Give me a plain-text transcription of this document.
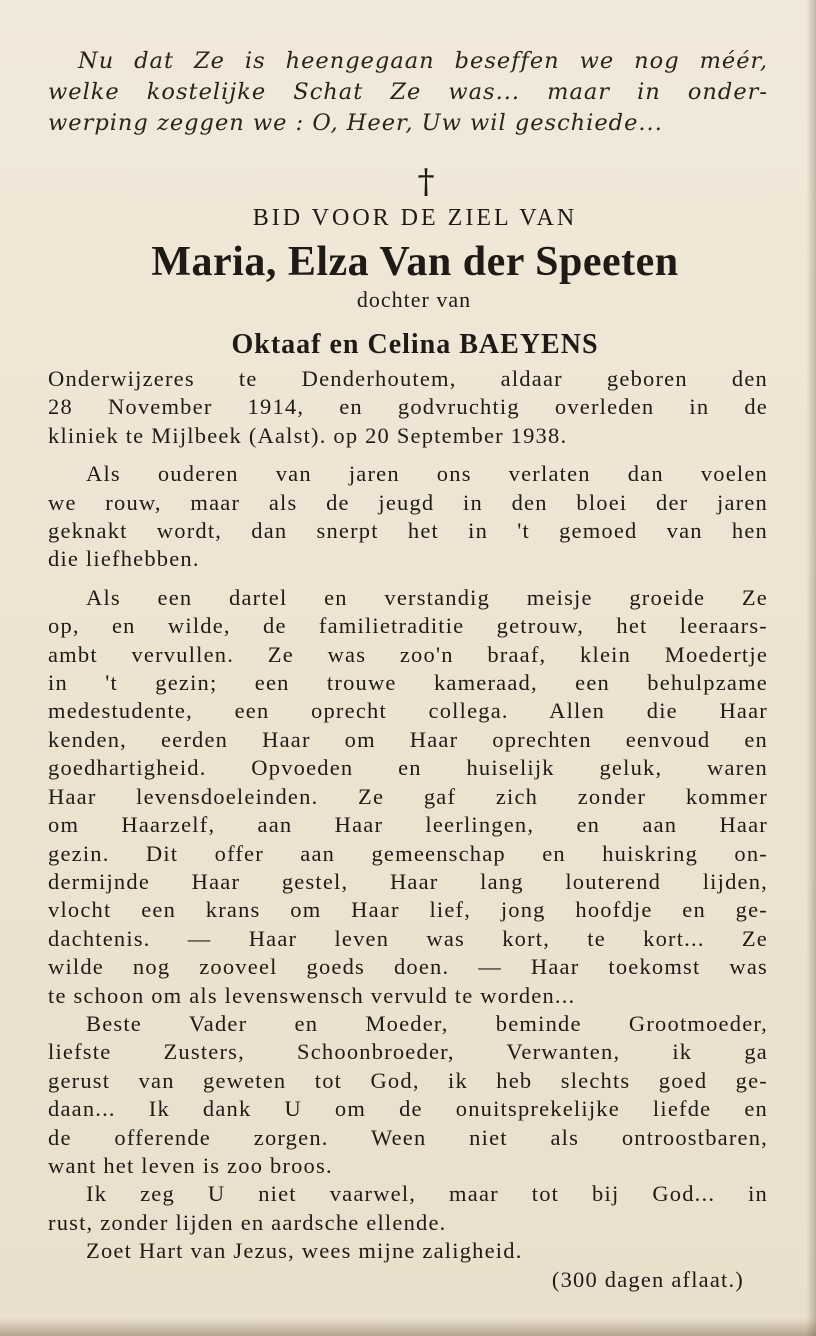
Nu dat Ze is heengegaan beseffen we nog méér,
welke kostelijke Schat Ze was... maar in onder-
werping zeggen we : O, Heer, Uw wil geschiede...
†
BID VOOR DE ZIEL VAN
Maria, Elza Van der Speeten
dochter van
Oktaaf en Celina BAEYENS
Onderwijzeres te Denderhoutem, aldaar geboren den
28 November 1914, en godvruchtig overleden in de
kliniek te Mijlbeek (Aalst). op 20 September 1938.
Als ouderen van jaren ons verlaten dan voelen
we rouw, maar als de jeugd in den bloei der jaren
geknakt wordt, dan snerpt het in 't gemoed van hen
die liefhebben.
Als een dartel en verstandig meisje groeide Ze
op, en wilde, de familietraditie getrouw, het leeraars-
ambt vervullen. Ze was zoo'n braaf, klein Moedertje
in 't gezin; een trouwe kameraad, een behulpzame
medestudente, een oprecht collega. Allen die Haar
kenden, eerden Haar om Haar oprechten eenvoud en
goedhartigheid. Opvoeden en huiselijk geluk, waren
Haar levensdoeleinden. Ze gaf zich zonder kommer
om Haarzelf, aan Haar leerlingen, en aan Haar
gezin. Dit offer aan gemeenschap en huiskring on-
dermijnde Haar gestel, Haar lang louterend lijden,
vlocht een krans om Haar lief, jong hoofdje en ge-
dachtenis. — Haar leven was kort, te kort... Ze
wilde nog zooveel goeds doen. — Haar toekomst was
te schoon om als levenswensch vervuld te worden...
Beste Vader en Moeder, beminde Grootmoeder,
liefste Zusters, Schoonbroeder, Verwanten, ik ga
gerust van geweten tot God, ik heb slechts goed ge-
daan... Ik dank U om de onuitsprekelijke liefde en
de offerende zorgen. Ween niet als ontroostbaren,
want het leven is zoo broos.
Ik zeg U niet vaarwel, maar tot bij God... in
rust, zonder lijden en aardsche ellende.
Zoet Hart van Jezus, wees mijne zaligheid.
(300 dagen aflaat.)
